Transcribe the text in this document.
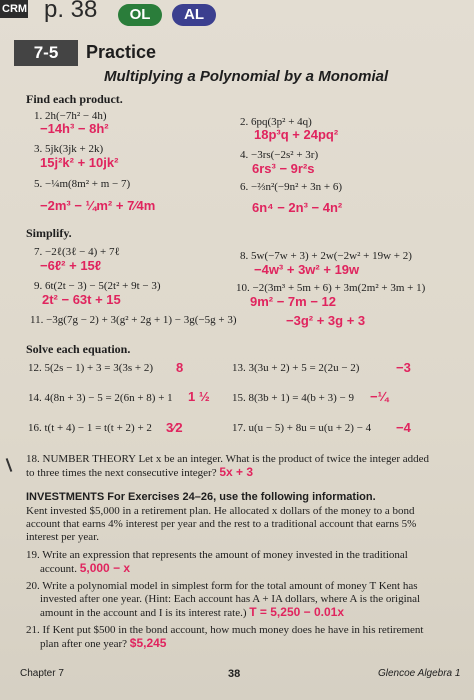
CRM p. 38	OL	AL
7-5	Practice
Multiplying a Polynomial by a Monomial
Find each product.
1. 2h(−7h² − 4h)
−14h³ − 8h²	2. 6pq(3p² + 4q)
18p³q + 24pq²
3. 5jk(3jk + 2k)
15j²k² + 10jk²	4. −3rs(−2s² + 3r)
6rs³ − 9r²s
5. −¼m(8m² + m − 7)
−2m³ − ¼m² + 7⁄4m
6. −⅔n²(−9n² + 3n + 6)
6n⁴ − 2n³ − 4n²
Simplify.
7. −2ℓ(3ℓ − 4) + 7ℓ
−6ℓ² + 15ℓ
8. 5w(−7w + 3) + 2w(−2w² + 19w + 2)
−4w³ + 3w² + 19w
9. 6t(2t − 3) − 5(2t² + 9t − 3)
2t² − 63t + 15
10. −2(3m³ + 5m + 6) + 3m(2m² + 3m + 1)
9m² − 7m − 12
11. −3g(7g − 2) + 3(g² + 2g + 1) − 3g(−5g + 3)	−3g² + 3g + 3
Solve each equation.
12. 5(2s − 1) + 3 = 3(3s + 2) 8	13. 3(3u + 2) + 5 = 2(2u − 2)	−3
14. 4(8n + 3) − 5 = 2(6n + 8) + 1 1 ½ 15. 8(3b + 1) = 4(b + 3) − 9 −¼
16. t(t + 4) − 1 = t(t + 2) + 2 3⁄2	17. u(u − 5) + 8u = u(u + 2) − 4 −4
18. NUMBER THEORY Let x be an integer. What is the product of twice the integer added
to three times the next consecutive integer? 5x + 3
INVESTMENTS For Exercises 24–26, use the following information.
Kent invested $5,000 in a retirement plan. He allocated x dollars of the money to a bond
account that earns 4% interest per year and the rest to a traditional account that earns 5%
interest per year.
19. Write an expression that represents the amount of money invested in the traditional
account. 5,000 − x
20. Write a polynomial model in simplest form for the total amount of money T Kent has
invested after one year. (Hint: Each account has A + IA dollars, where A is the original
amount in the account and I is its interest rate.) T = 5,250 − 0.01x
21. If Kent put $500 in the bond account, how much money does he have in his retirement
plan after one year? $5,245
Chapter 7	38	Glencoe Algebra 1
